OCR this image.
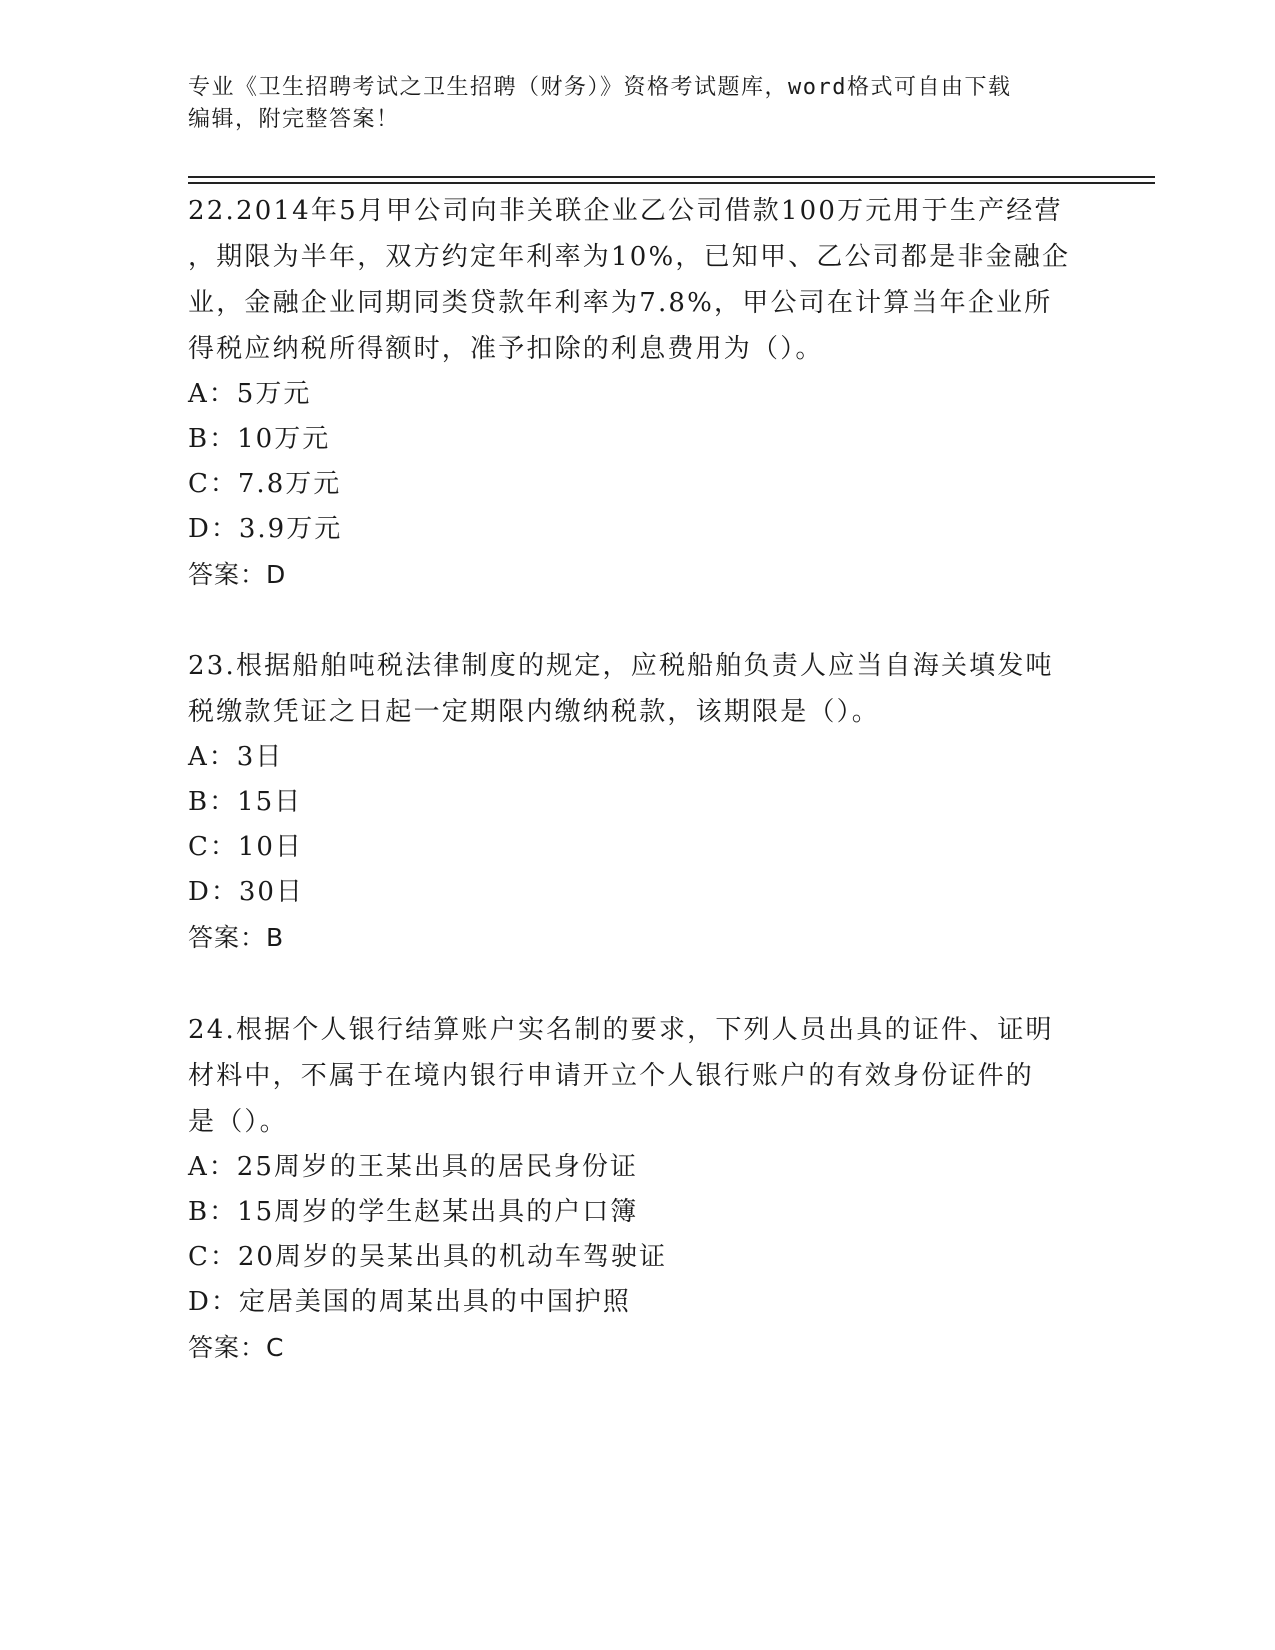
专业《卫生招聘考试之卫生招聘（财务）》资格考试题库，word格式可自由下载
编辑，附完整答案！
22.2014年5月甲公司向非关联企业乙公司借款100万元用于生产经营
，期限为半年，双方约定年利率为10%，已知甲、乙公司都是非金融企
业，金融企业同期同类贷款年利率为7.8%，甲公司在计算当年企业所
得税应纳税所得额时，准予扣除的利息费用为（）。
A：5万元
B：10万元
C：7.8万元
D：3.9万元
答案：D
23.根据船舶吨税法律制度的规定，应税船舶负责人应当自海关填发吨
税缴款凭证之日起一定期限内缴纳税款，该期限是（）。
A：3日
B：15日
C：10日
D：30日
答案：B
24.根据个人银行结算账户实名制的要求，下列人员出具的证件、证明
材料中，不属于在境内银行申请开立个人银行账户的有效身份证件的
是（）。
A：25周岁的王某出具的居民身份证
B：15周岁的学生赵某出具的户口簿
C：20周岁的吴某出具的机动车驾驶证
D：定居美国的周某出具的中国护照
答案：C
